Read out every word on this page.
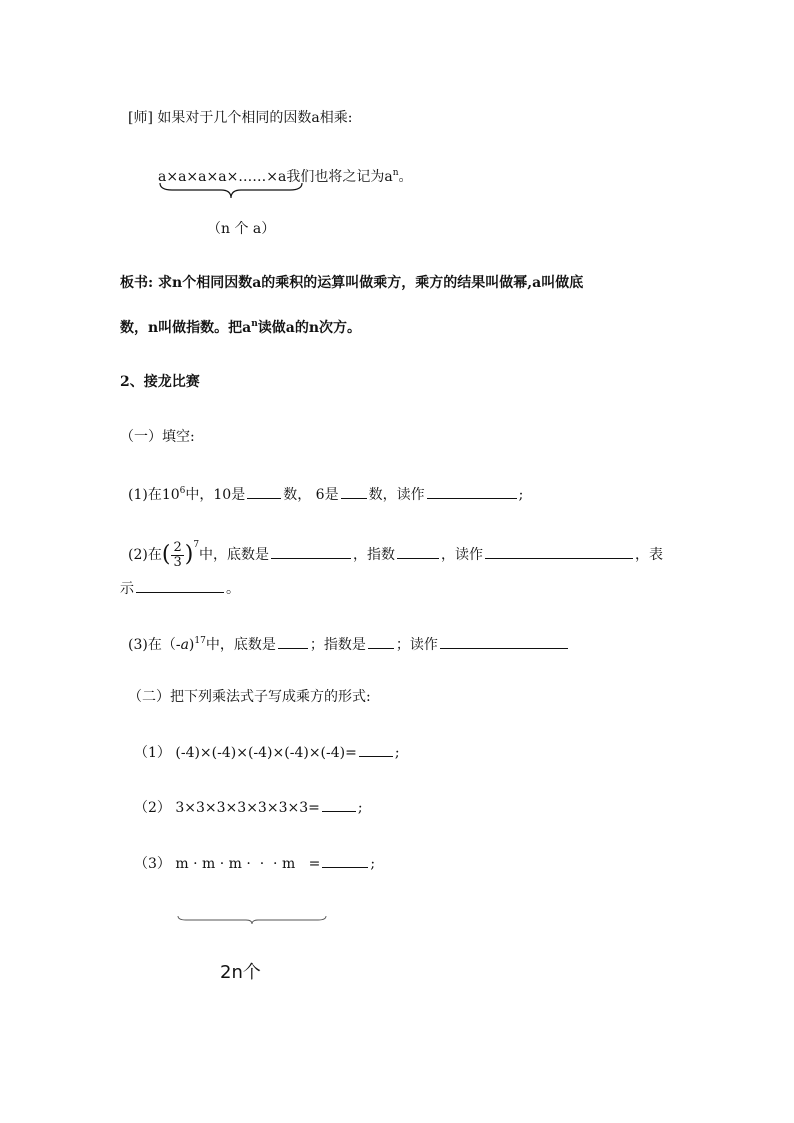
[师] 如果对于几个相同的因数a相乘:
a×a×a×a×……×a我们也将之记为$a^n$。
（n 个 a）
板书: 求n个相同因数a的乘积的运算叫做乘方，乘方的结果叫做幂,a叫做底
数，n叫做指数。把$a^n$读做a的n次方。
2、接龙比赛
（一）填空:
(1)在$10^6$中，10是	数， 6是 数，读作	;
(2)在( $\frac{2}{3} )^7$中，底数是	，指数	，读作	，表
示	。
(3)在（-a)$^{17}$中，底数是 ；指数是 ；读作
（二）把下列乘法式子写成乘方的形式:
（1） (-4)×(-4)×(-4)×(-4)×(-4)=	;
（2） 3×3×3×3×3×3×3=	;
（3） m · m · m ·  ·  · m   =	;
2n个
